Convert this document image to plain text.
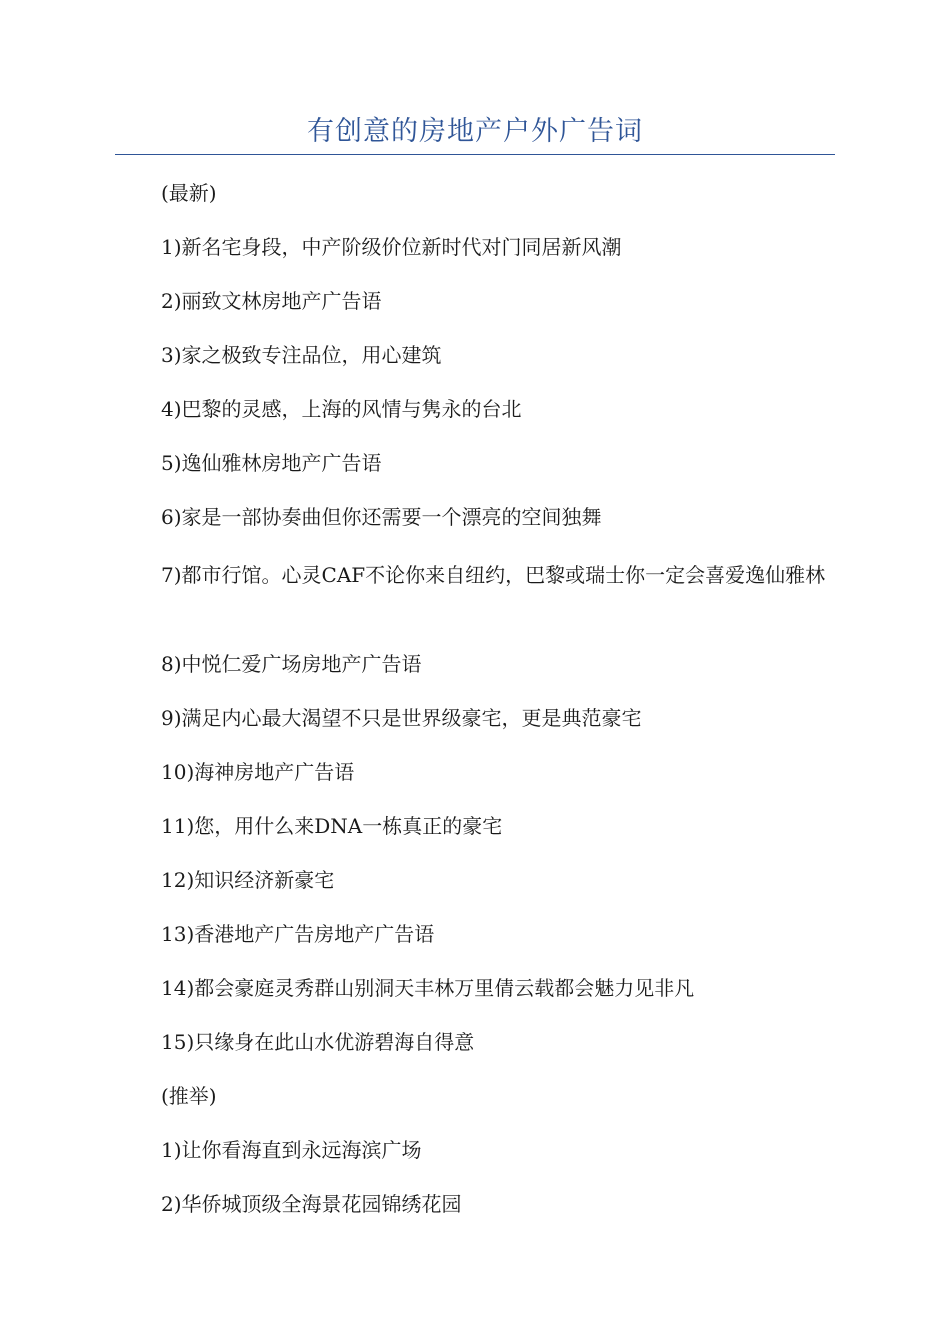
有创意的房地产户外广告词
(最新)
1)新名宅身段，中产阶级价位新时代对门同居新风潮
2)丽致文林房地产广告语
3)家之极致专注品位，用心建筑
4)巴黎的灵感，上海的风情与隽永的台北
5)逸仙雅林房地产广告语
6)家是一部协奏曲但你还需要一个漂亮的空间独舞
7)都市行馆。心灵CAF不论你来自纽约，巴黎或瑞士你一定会喜爱逸仙雅林
8)中悦仁爱广场房地产广告语
9)满足内心最大渴望不只是世界级豪宅，更是典范豪宅
10)海神房地产广告语
11)您，用什么来DNA一栋真正的豪宅
12)知识经济新豪宅
13)香港地产广告房地产广告语
14)都会豪庭灵秀群山别洞天丰林万里倩云载都会魅力见非凡
15)只缘身在此山水优游碧海自得意
(推举)
1)让你看海直到永远海滨广场
2)华侨城顶级全海景花园锦绣花园
